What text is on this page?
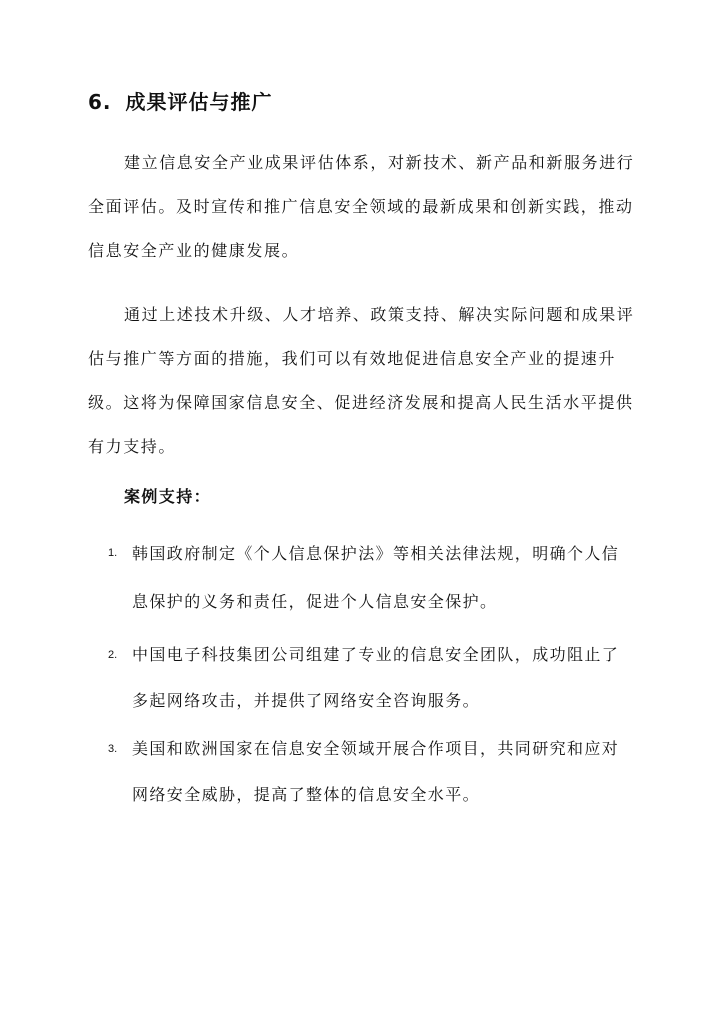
6. 成果评估与推广

建立信息安全产业成果评估体系，对新技术、新产品和新服务进行全面评估。及时宣传和推广信息安全领域的最新成果和创新实践，推动信息安全产业的健康发展。

通过上述技术升级、人才培养、政策支持、解决实际问题和成果评估与推广等方面的措施，我们可以有效地促进信息安全产业的提速升级。这将为保障国家信息安全、促进经济发展和提高人民生活水平提供有力支持。

案例支持：
1. 韩国政府制定《个人信息保护法》等相关法律法规，明确个人信息保护的义务和责任，促进个人信息安全保护。

2. 中国电子科技集团公司组建了专业的信息安全团队，成功阻止了多起网络攻击，并提供了网络安全咨询服务。

3. 美国和欧洲国家在信息安全领域开展合作项目，共同研究和应对网络安全威胁，提高了整体的信息安全水平。
